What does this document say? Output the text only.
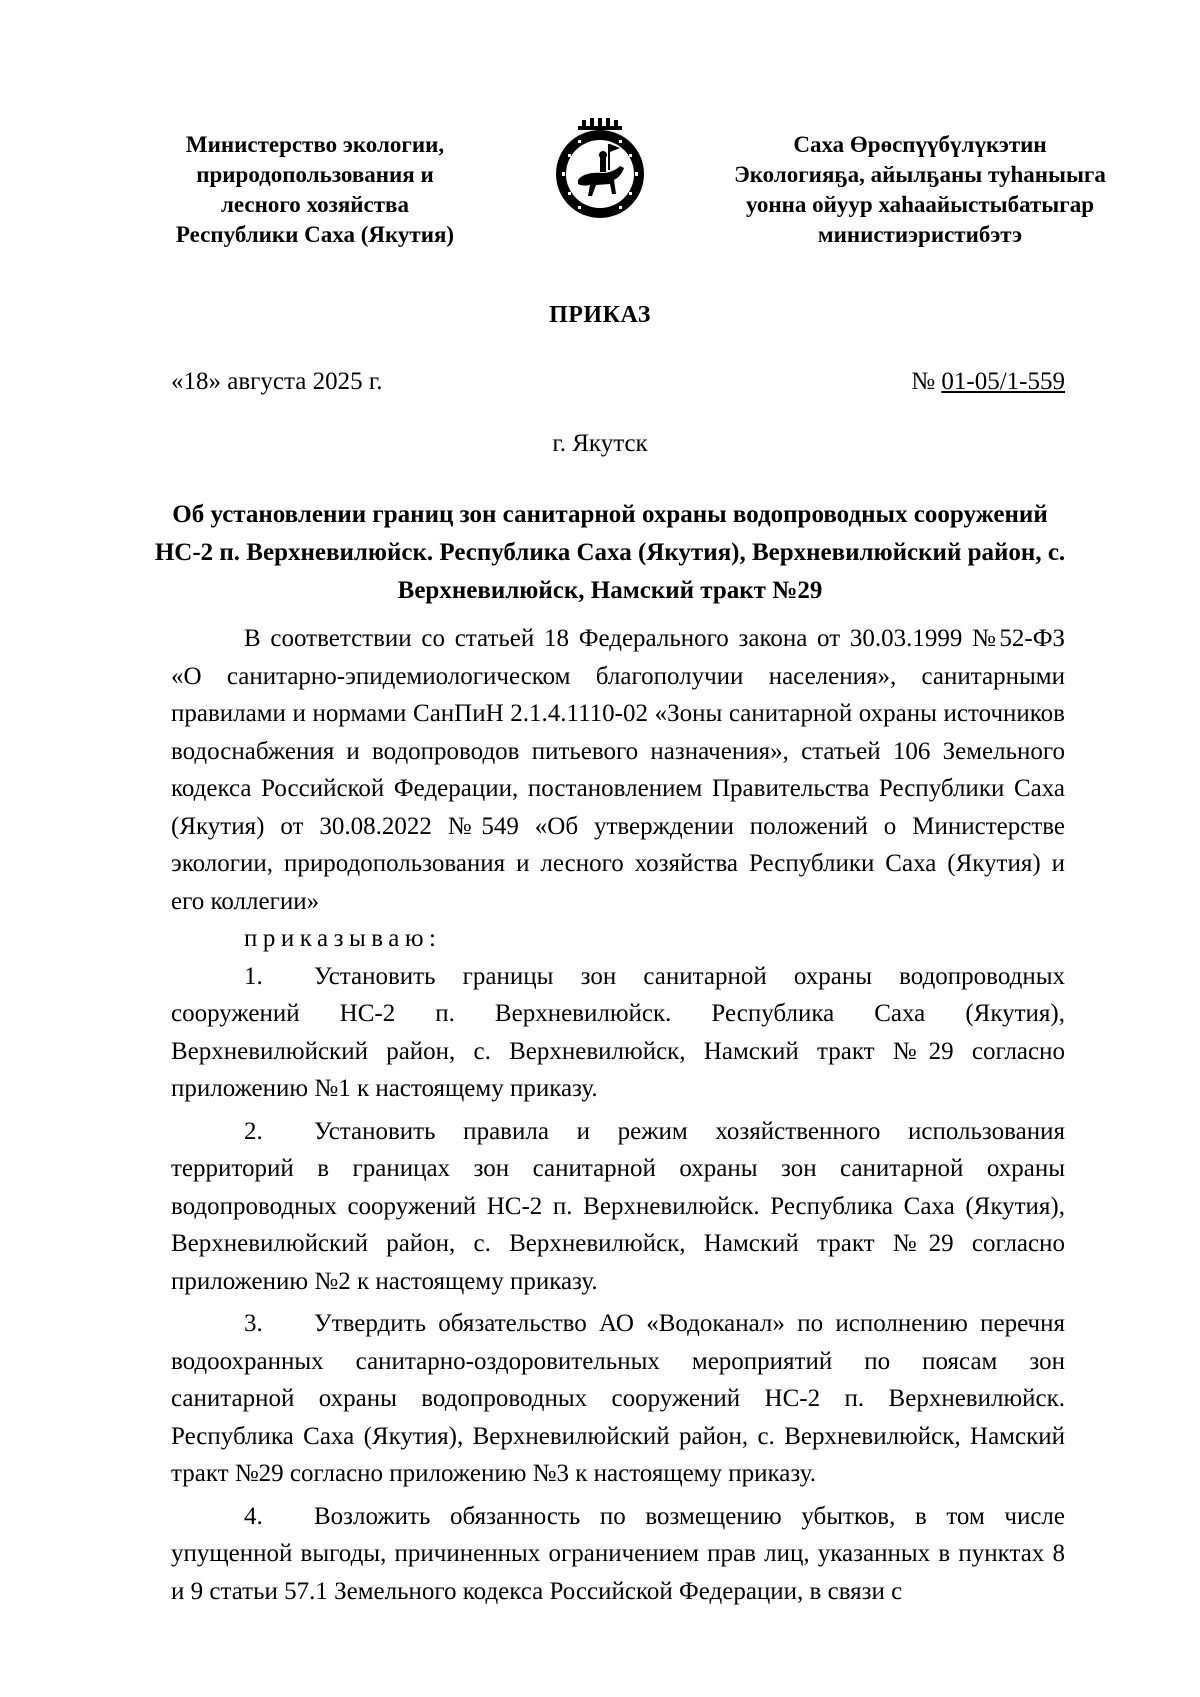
Министерство экологии,
природопользования и
лесного хозяйства
Республики Саха (Якутия)
Саха Өрөспүүбүлүкэтин
Экологияҕа, айылҕаны туһаныыга
уонна ойуур хаһаайыстыбатыгар
министиэристибэтэ
ПРИКАЗ
«18» августа 2025 г.	№ 01-05/1-559
г. Якутск
Об установлении границ зон санитарной охраны водопроводных сооружений НС-2 п. Верхневилюйск. Республика Саха (Якутия), Верхневилюйский район, с. Верхневилюйск, Намский тракт №29

В соответствии со статьей 18 Федерального закона от 30.03.1999 №52-ФЗ «О санитарно-эпидемиологическом благополучии населения», санитарными правилами и нормами СанПиН 2.1.4.1110-02 «Зоны санитарной охраны источников водоснабжения и водопроводов питьевого назначения», статьей 106 Земельного кодекса Российской Федерации, постановлением Правительства Республики Саха (Якутия) от 30.08.2022 №549 «Об утверждении положений о Министерстве экологии, природопользования и лесного хозяйства Республики Саха (Якутия) и его коллегии»

приказываю:

1. Установить границы зон санитарной охраны водопроводных сооружений НС-2 п. Верхневилюйск. Республика Саха (Якутия), Верхневилюйский район, с. Верхневилюйск, Намский тракт №29 согласно приложению №1 к настоящему приказу.

2. Установить правила и режим хозяйственного использования территорий в границах зон санитарной охраны зон санитарной охраны водопроводных сооружений НС-2 п. Верхневилюйск. Республика Саха (Якутия), Верхневилюйский район, с. Верхневилюйск, Намский тракт №29 согласно приложению №2 к настоящему приказу.

3. Утвердить обязательство АО «Водоканал» по исполнению перечня водоохранных санитарно-оздоровительных мероприятий по поясам зон санитарной охраны водопроводных сооружений НС-2 п. Верхневилюйск. Республика Саха (Якутия), Верхневилюйский район, с. Верхневилюйск, Намский тракт №29 согласно приложению №3 к настоящему приказу.

4. Возложить обязанность по возмещению убытков, в том числе упущенной выгоды, причиненных ограничением прав лиц, указанных в пунктах 8 и 9 статьи 57.1 Земельного кодекса Российской Федерации, в связи с
